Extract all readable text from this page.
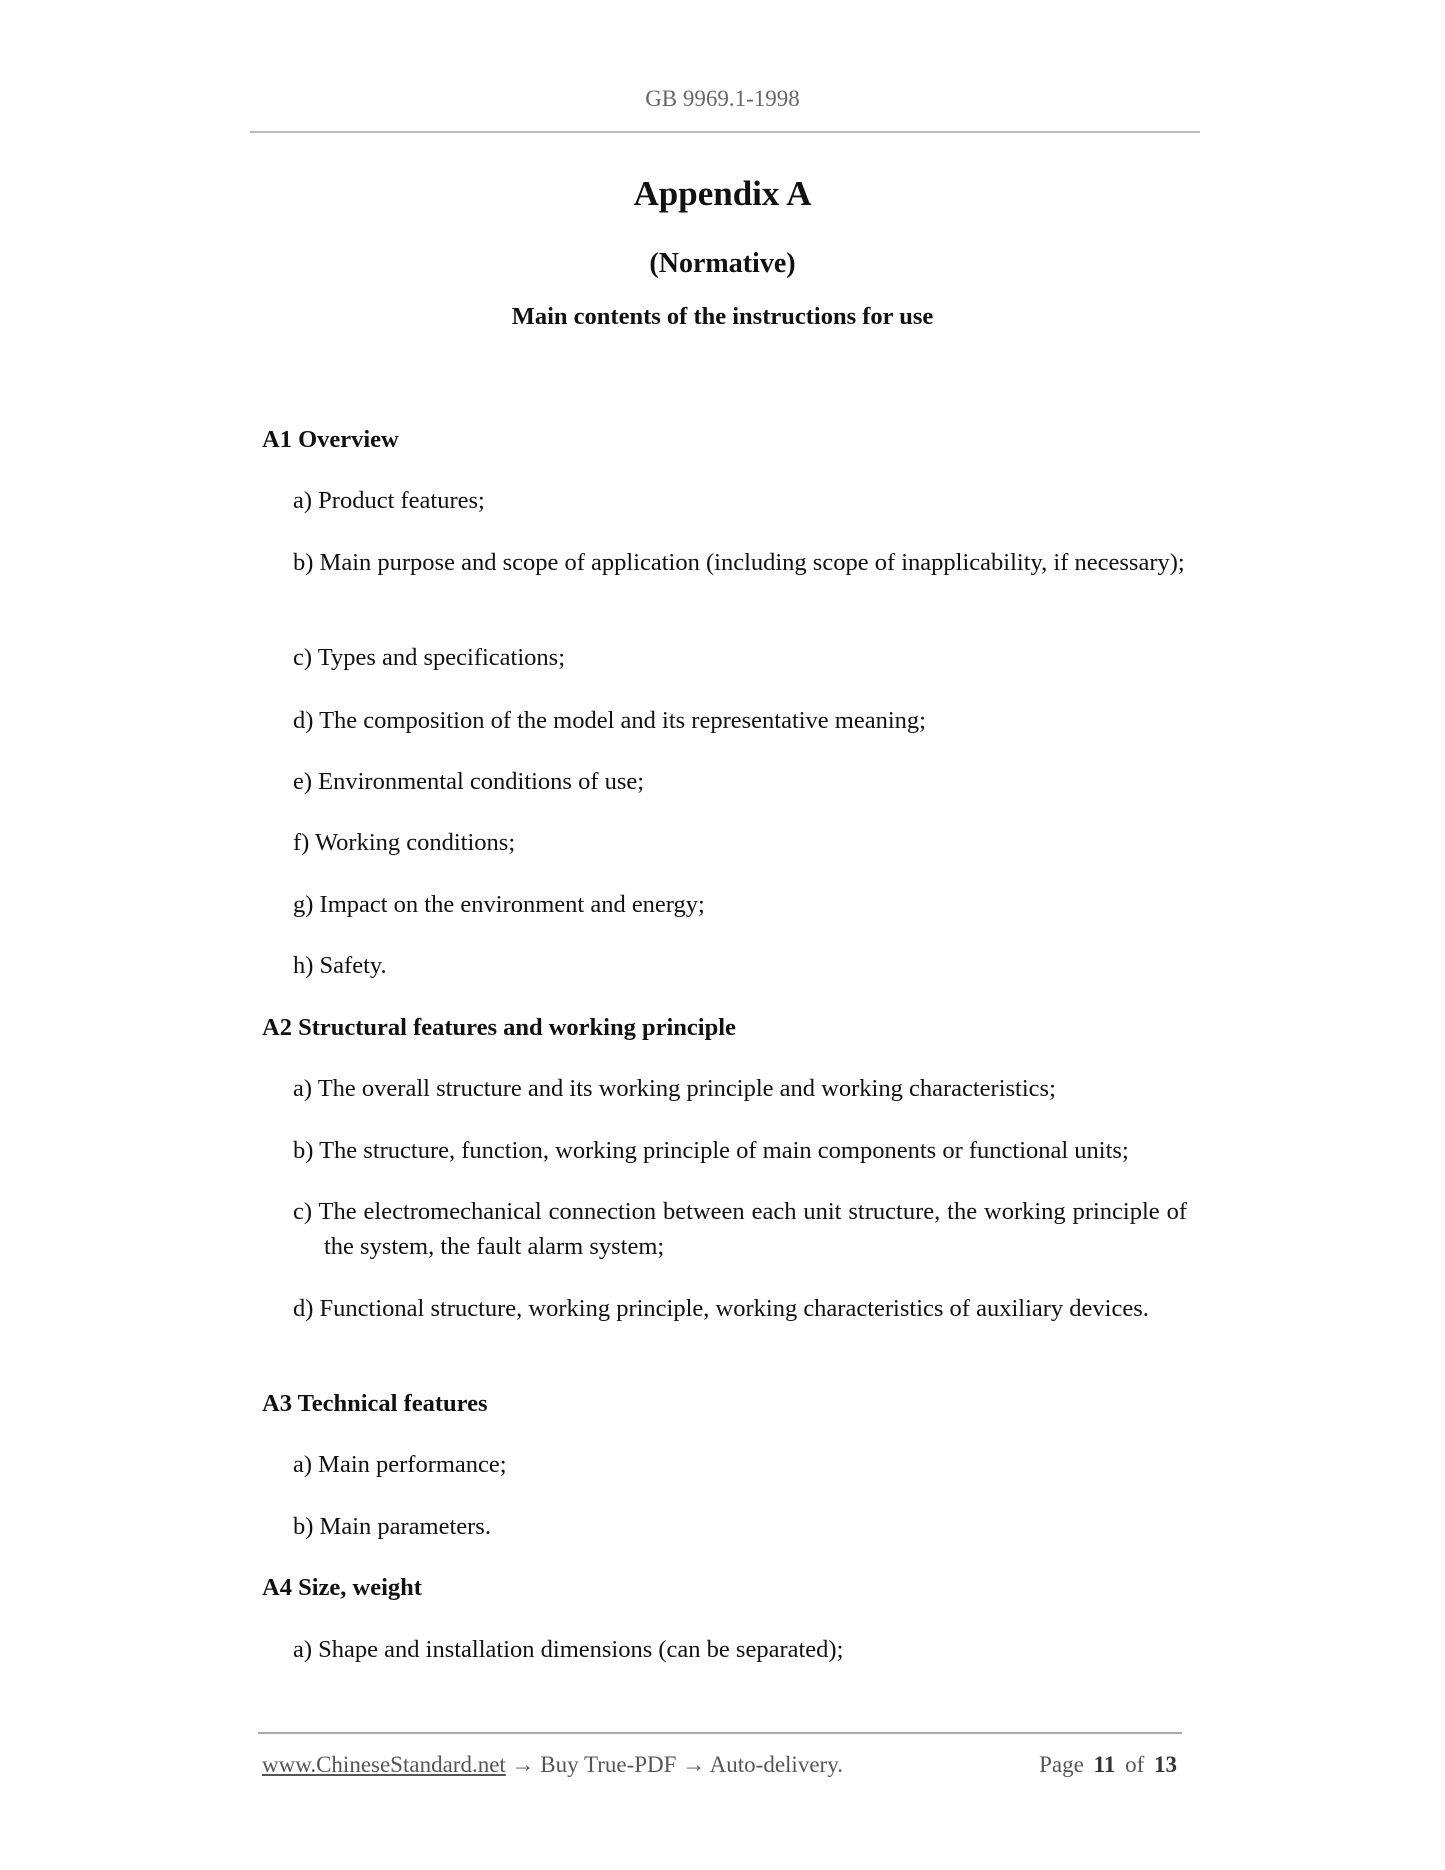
GB 9969.1-1998
Appendix A
(Normative)
Main contents of the instructions for use
A1 Overview
a) Product features;
b) Main purpose and scope of application (including scope of inapplicability, if necessary);
c) Types and specifications;
d) The composition of the model and its representative meaning;
e) Environmental conditions of use;
f) Working conditions;
g) Impact on the environment and energy;
h) Safety.
A2 Structural features and working principle
a) The overall structure and its working principle and working characteristics;
b) The structure, function, working principle of main components or functional units;
c) The electromechanical connection between each unit structure, the working principle of the system, the fault alarm system;
d) Functional structure, working principle, working characteristics of auxiliary devices.
A3 Technical features
a) Main performance;
b) Main parameters.
A4 Size, weight
a) Shape and installation dimensions (can be separated);
www.ChineseStandard.net → Buy True-PDF → Auto-delivery.	Page 11 of 13
